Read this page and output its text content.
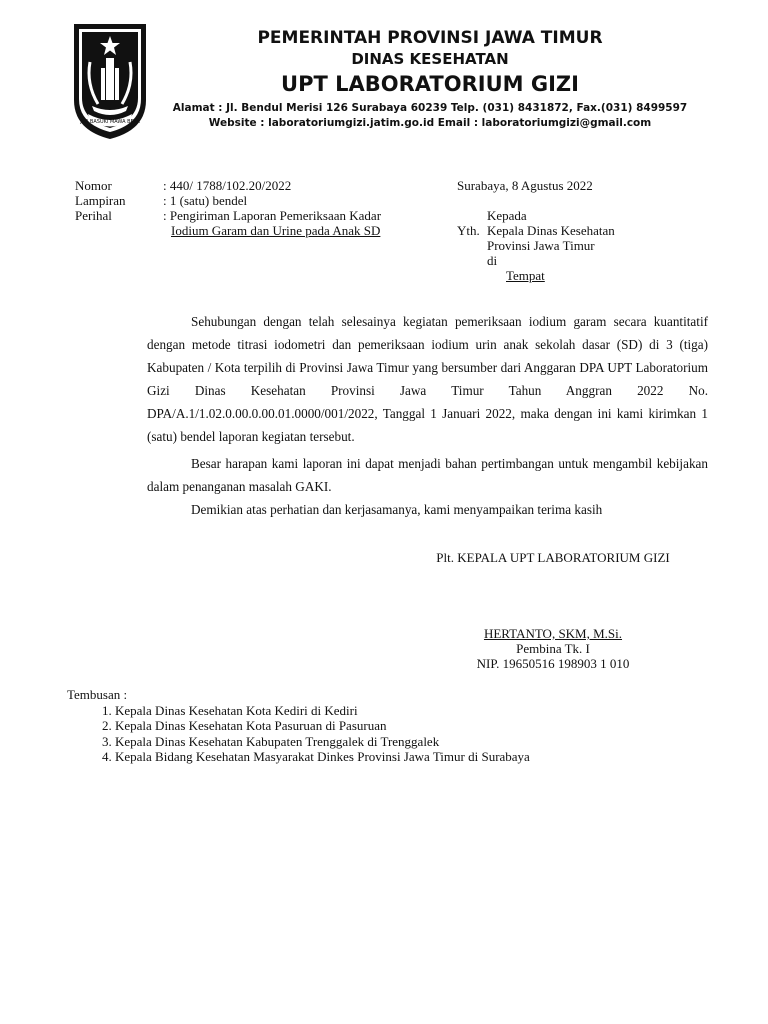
JER BASUKI MAWA BEYA
PEMERINTAH PROVINSI JAWA TIMUR
DINAS KESEHATAN
UPT LABORATORIUM GIZI
Alamat : Jl. Bendul Merisi 126 Surabaya 60239 Telp. (031) 8431872, Fax.(031) 8499597
Website : laboratoriumgizi.jatim.go.id Email : laboratoriumgizi@gmail.com
Nomor	: 440/ 1788/102.20/2022
Lampiran	: 1 (satu) bendel
Perihal	: Pengiriman Laporan Pemeriksaan Kadar
Iodium Garam dan Urine pada Anak SD
Surabaya, 8 Agustus 2022
Kepada
Yth. Kepala Dinas Kesehatan
Provinsi Jawa Timur
di
Tempat

Sehubungan dengan telah selesainya kegiatan pemeriksaan iodium garam secara kuantitatif dengan metode titrasi iodometri dan pemeriksaan iodium urin anak sekolah dasar (SD) di 3 (tiga) Kabupaten / Kota terpilih di Provinsi Jawa Timur yang bersumber dari Anggaran DPA UPT Laboratorium Gizi Dinas Kesehatan Provinsi Jawa Timur Tahun Anggran 2022 No. DPA/A.1/1.02.0.00.0.00.01.0000/001/2022, Tanggal 1 Januari 2022, maka dengan ini kami kirimkan 1 (satu) bendel laporan kegiatan tersebut.

Besar harapan kami laporan ini dapat menjadi bahan pertimbangan untuk mengambil kebijakan dalam penanganan masalah GAKI.

Demikian atas perhatian dan kerjasamanya, kami menyampaikan terima kasih

Plt. KEPALA UPT LABORATORIUM GIZI
HERTANTO, SKM, M.Si.
Pembina Tk. I
NIP. 19650516 198903 1 010
Tembusan :
1. Kepala Dinas Kesehatan Kota Kediri di Kediri
2. Kepala Dinas Kesehatan Kota Pasuruan di Pasuruan
3. Kepala Dinas Kesehatan Kabupaten Trenggalek di Trenggalek
4. Kepala Bidang Kesehatan Masyarakat Dinkes Provinsi Jawa Timur di Surabaya
